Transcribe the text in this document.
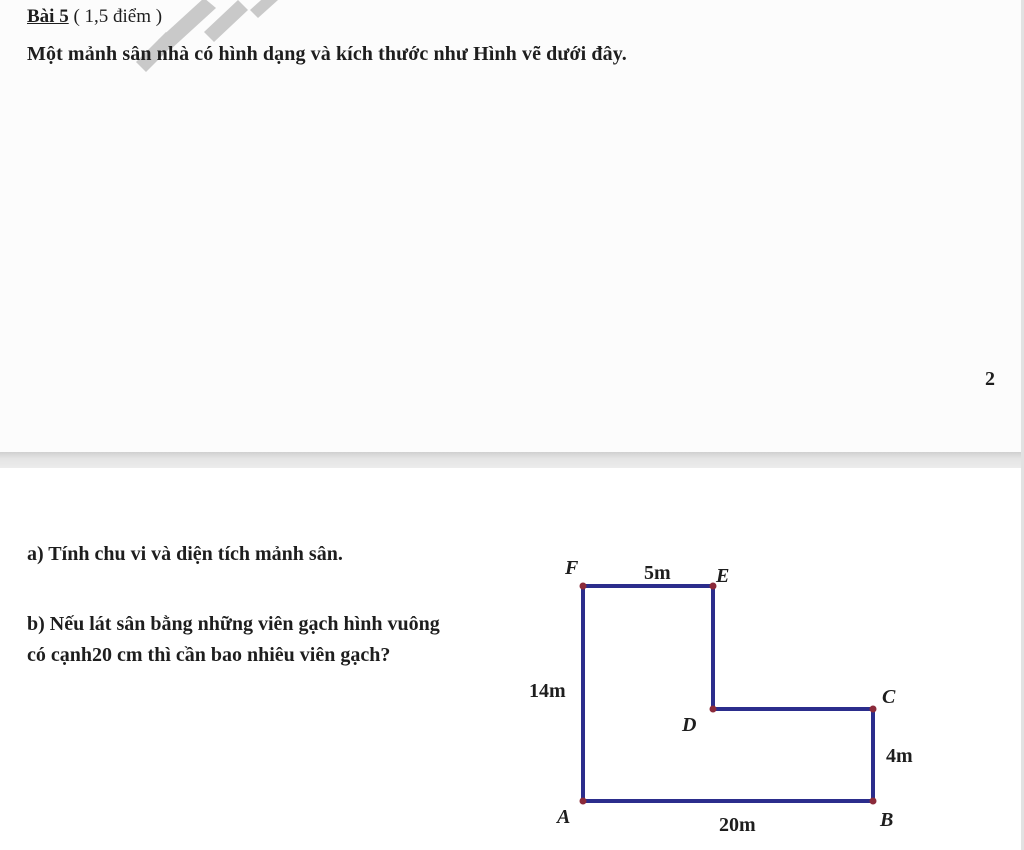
Bài 5 ( 1,5 điểm )
Một mảnh sân nhà có hình dạng và kích thước như Hình vẽ dưới đây.
2
a) Tính chu vi và diện tích mảnh sân.
b) Nếu lát sân bằng những viên gạch hình vuông có cạnh20 cm thì cần bao nhiêu viên gạch?
F	E
D
C
B
A
5m
14m
4m
20m
